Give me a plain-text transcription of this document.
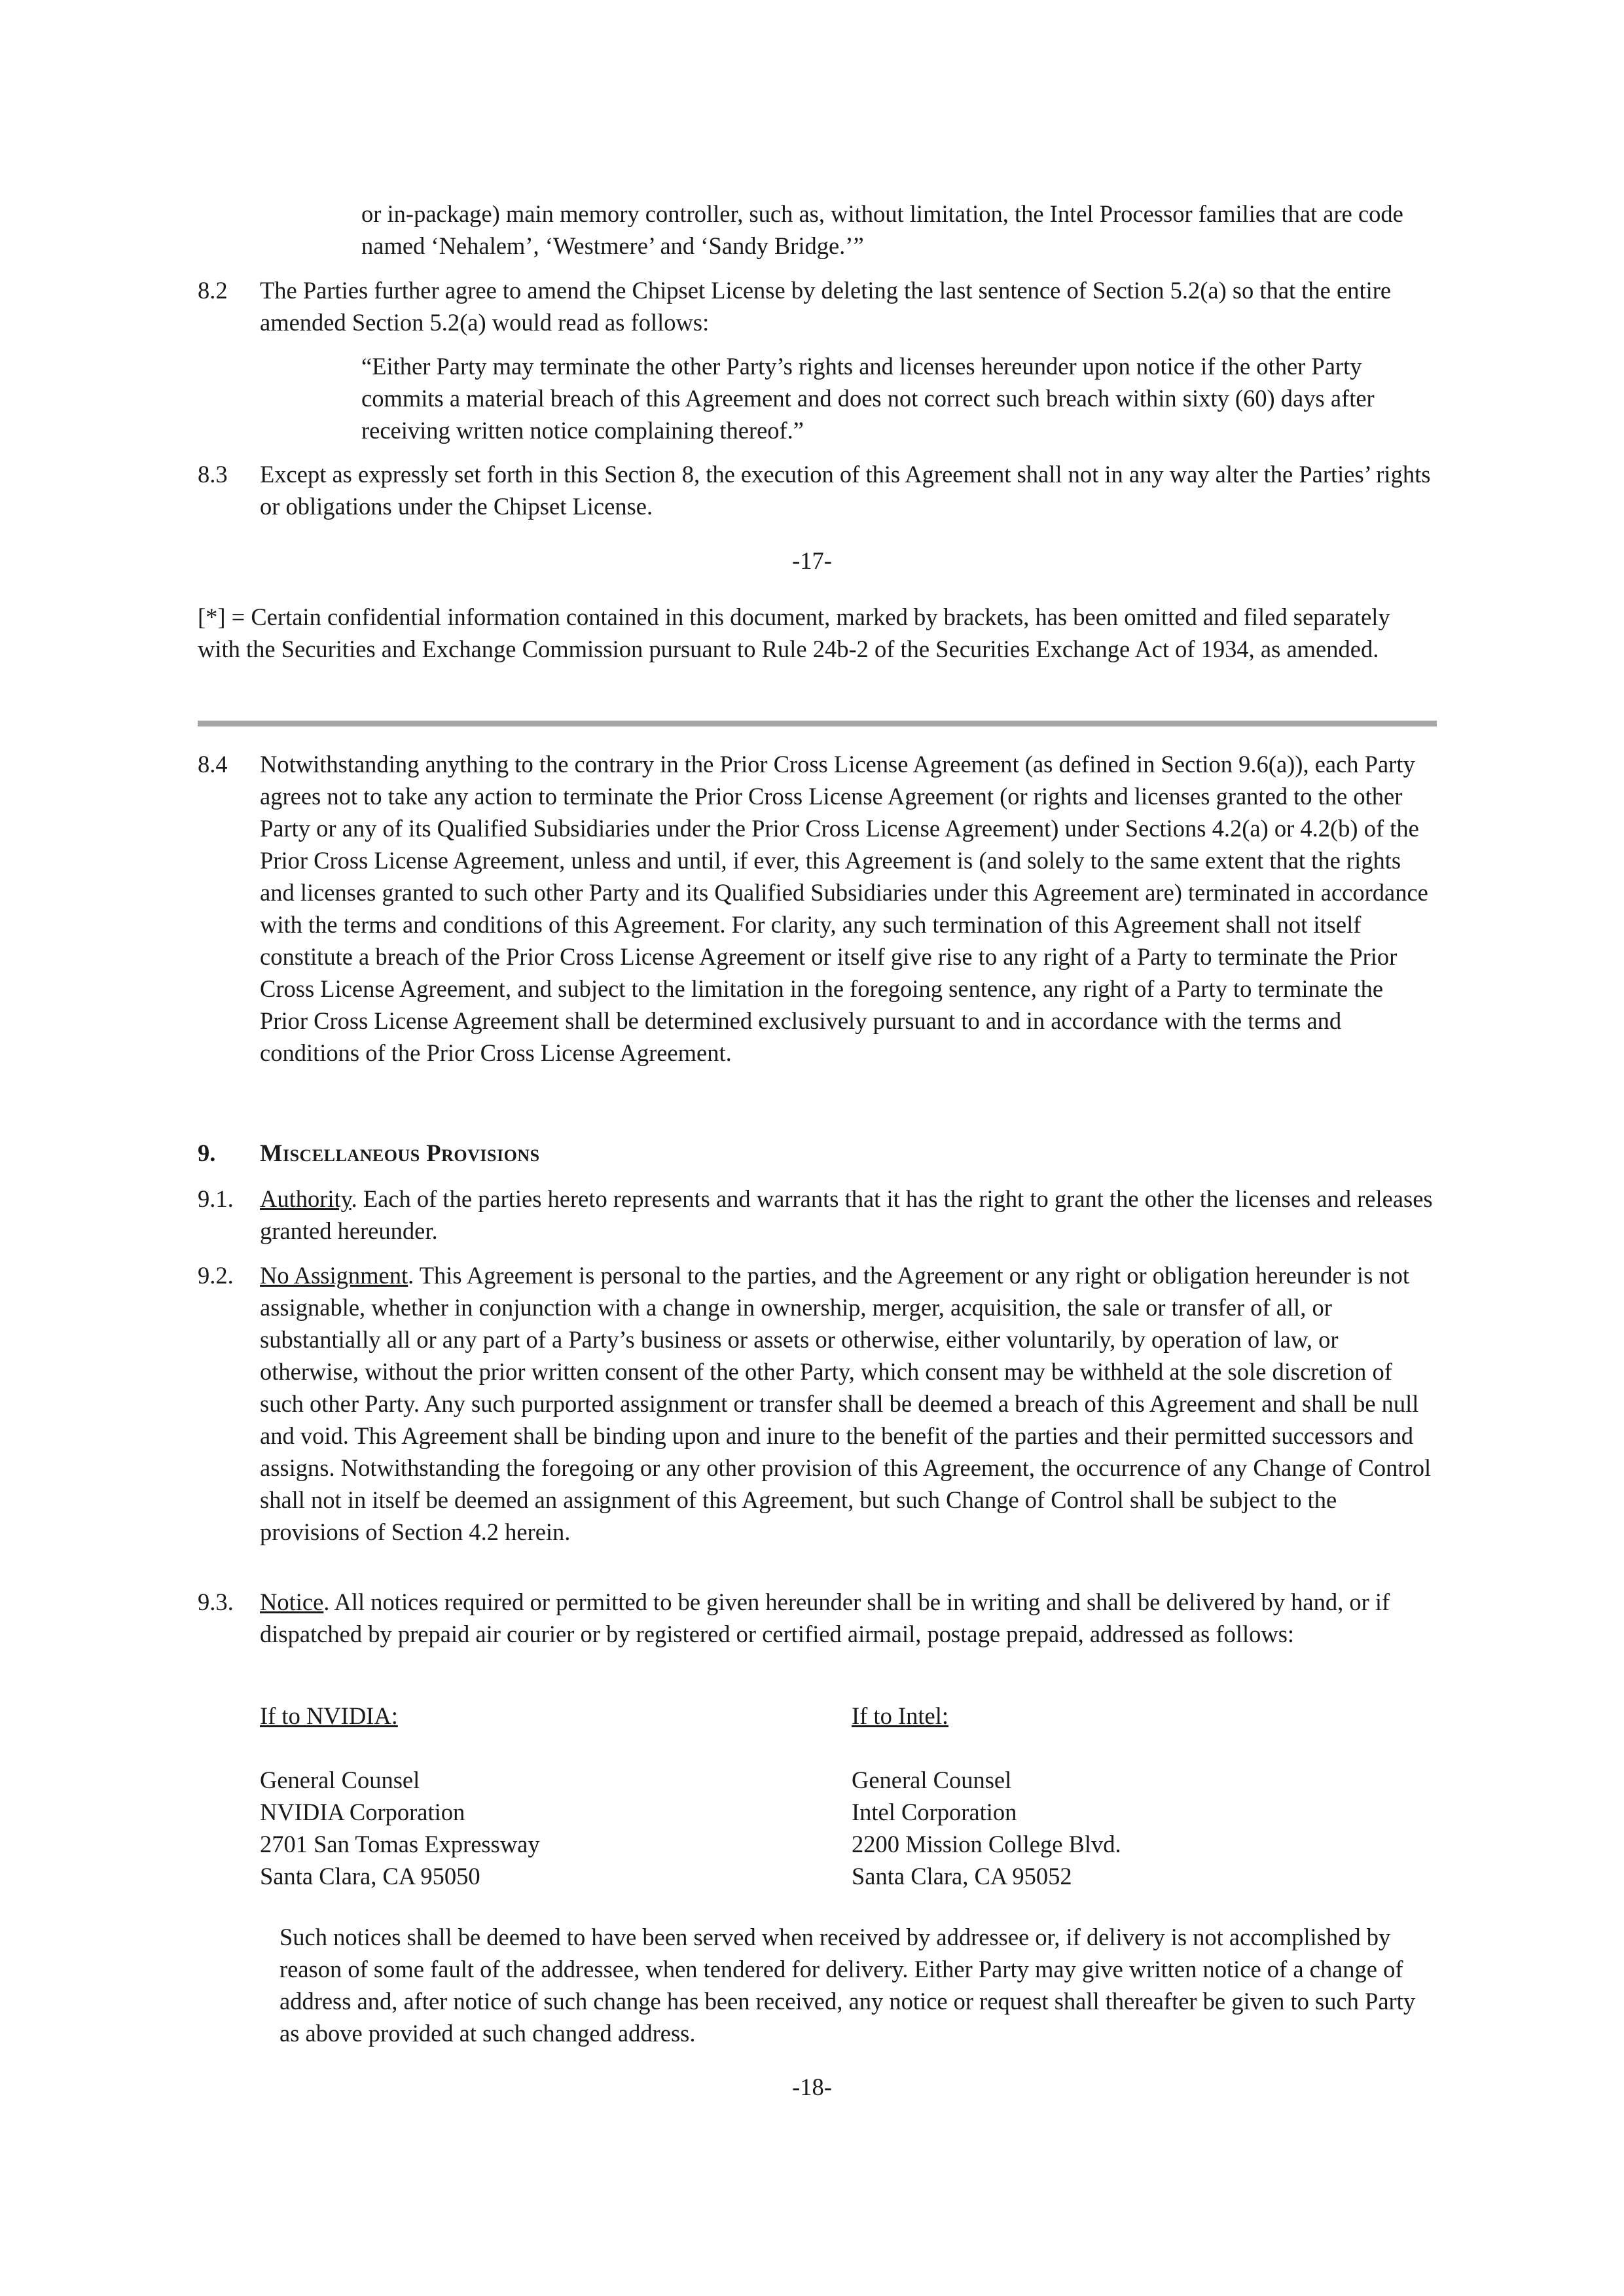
or in-package) main memory controller, such as, without limitation, the Intel Processor families that are code named ‘Nehalem’, ‘Westmere’ and ‘Sandy Bridge.’”
8.2 The Parties further agree to amend the Chipset License by deleting the last sentence of Section 5.2(a) so that the entire amended Section 5.2(a) would read as follows:
“Either Party may terminate the other Party’s rights and licenses hereunder upon notice if the other Party commits a material breach of this Agreement and does not correct such breach within sixty (60) days after receiving written notice complaining thereof.”
8.3 Except as expressly set forth in this Section 8, the execution of this Agreement shall not in any way alter the Parties’ rights or obligations under the Chipset License.
-17-
[*] = Certain confidential information contained in this document, marked by brackets, has been omitted and filed separately with the Securities and Exchange Commission pursuant to Rule 24b-2 of the Securities Exchange Act of 1934, as amended.
8.4 Notwithstanding anything to the contrary in the Prior Cross License Agreement (as defined in Section 9.6(a)), each Party agrees not to take any action to terminate the Prior Cross License Agreement (or rights and licenses granted to the other Party or any of its Qualified Subsidiaries under the Prior Cross License Agreement) under Sections 4.2(a) or 4.2(b) of the Prior Cross License Agreement, unless and until, if ever, this Agreement is (and solely to the same extent that the rights and licenses granted to such other Party and its Qualified Subsidiaries under this Agreement are) terminated in accordance with the terms and conditions of this Agreement. For clarity, any such termination of this Agreement shall not itself constitute a breach of the Prior Cross License Agreement or itself give rise to any right of a Party to terminate the Prior Cross License Agreement, and subject to the limitation in the foregoing sentence, any right of a Party to terminate the Prior Cross License Agreement shall be determined exclusively pursuant to and in accordance with the terms and conditions of the Prior Cross License Agreement.
9. Miscellaneous Provisions
9.1. Authority. Each of the parties hereto represents and warrants that it has the right to grant the other the licenses and releases granted hereunder.
9.2. No Assignment. This Agreement is personal to the parties, and the Agreement or any right or obligation hereunder is not assignable, whether in conjunction with a change in ownership, merger, acquisition, the sale or transfer of all, or substantially all or any part of a Party’s business or assets or otherwise, either voluntarily, by operation of law, or otherwise, without the prior written consent of the other Party, which consent may be withheld at the sole discretion of such other Party. Any such purported assignment or transfer shall be deemed a breach of this Agreement and shall be null and void. This Agreement shall be binding upon and inure to the benefit of the parties and their permitted successors and assigns. Notwithstanding the foregoing or any other provision of this Agreement, the occurrence of any Change of Control shall not in itself be deemed an assignment of this Agreement, but such Change of Control shall be subject to the provisions of Section 4.2 herein.
9.3. Notice. All notices required or permitted to be given hereunder shall be in writing and shall be delivered by hand, or if dispatched by prepaid air courier or by registered or certified airmail, postage prepaid, addressed as follows:
If to NVIDIA:
General Counsel
NVIDIA Corporation
2701 San Tomas Expressway
Santa Clara, CA 95050
If to Intel:
General Counsel
Intel Corporation
2200 Mission College Blvd.
Santa Clara, CA 95052
Such notices shall be deemed to have been served when received by addressee or, if delivery is not accomplished by reason of some fault of the addressee, when tendered for delivery. Either Party may give written notice of a change of address and, after notice of such change has been received, any notice or request shall thereafter be given to such Party as above provided at such changed address.
-18-
